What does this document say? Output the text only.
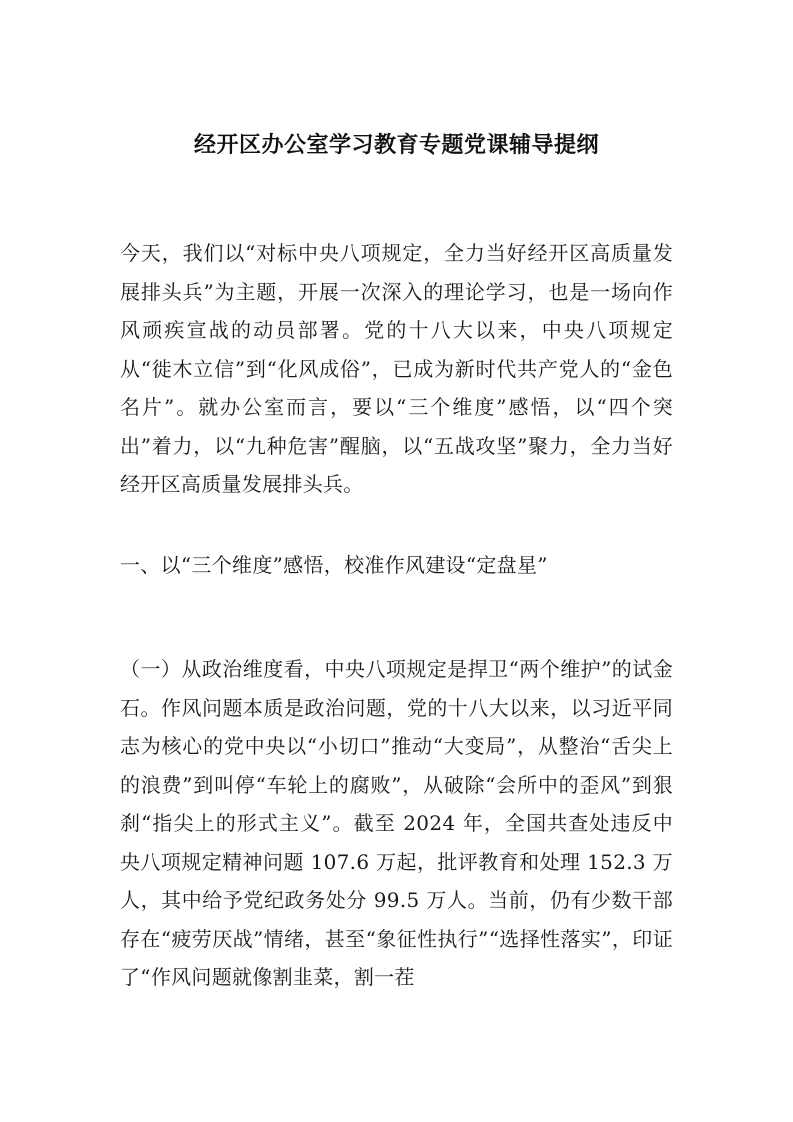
经开区办公室学习教育专题党课辅导提纲
今天，我们以“对标中央八项规定，全力当好经开区高质量发展排头兵”为主题，开展一次深入的理论学习，也是一场向作风顽疾宣战的动员部署。党的十八大以来，中央八项规定从“徙木立信”到“化风成俗”，已成为新时代共产党人的“金色名片”。就办公室而言，要以“三个维度”感悟，以“四个突出”着力，以“九种危害”醒脑，以“五战攻坚”聚力，全力当好经开区高质量发展排头兵。
一、以“三个维度”感悟，校准作风建设“定盘星”
（一）从政治维度看，中央八项规定是捍卫“两个维护”的试金石。作风问题本质是政治问题，党的十八大以来，以习近平同志为核心的党中央以“小切口”推动“大变局”，从整治“舌尖上的浪费”到叫停“车轮上的腐败”，从破除“会所中的歪风”到狠刹“指尖上的形式主义”。截至 2024 年，全国共查处违反中央八项规定精神问题 107.6 万起，批评教育和处理 152.3 万人，其中给予党纪政务处分 99.5 万人。当前，仍有少数干部存在“疲劳厌战”情绪，甚至“象征性执行”“选择性落实”，印证了“作风问题就像割韭菜，割一茬
